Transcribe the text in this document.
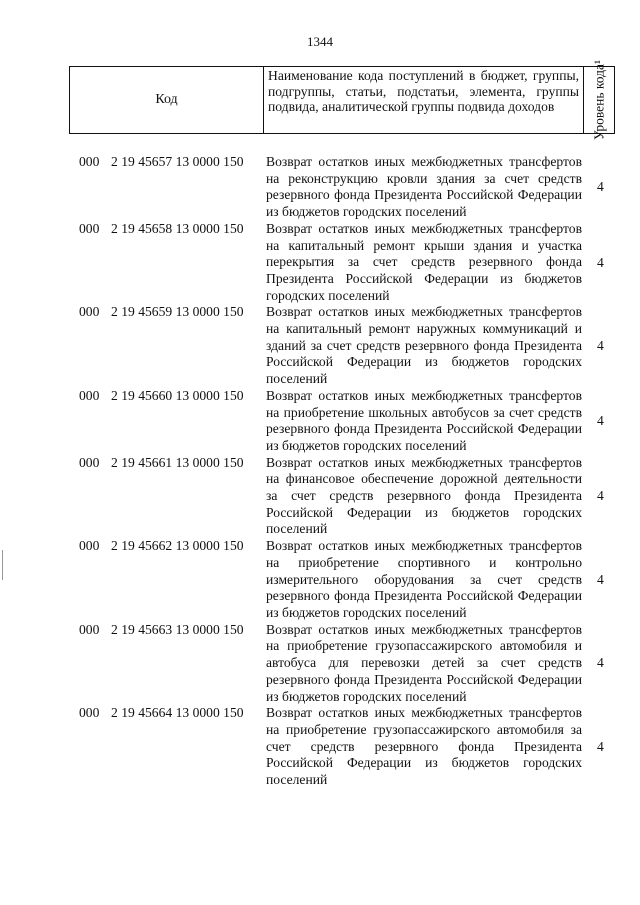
1344
Код
Наименование кода поступлений в бюджет, группы, подгруппы, статьи, подстатьи, элемента, группы подвида, аналитической группы подвида доходов	Уровень кода¹
000 2 19 45657 13 0000 150 Возврат остатков иных межбюджетных трансфертов на реконструкцию кровли здания за счет средств резервного фонда Президента Российской Федерации из бюджетов городских поселений
4
000 2 19 45658 13 0000 150 Возврат остатков иных межбюджетных трансфертов на капитальный ремонт крыши здания и участка перекрытия за счет средств резервного фонда Президента Российской Федерации из бюджетов городских поселений
4
000 2 19 45659 13 0000 150 Возврат остатков иных межбюджетных трансфертов на капитальный ремонт наружных коммуникаций и зданий за счет средств резервного фонда Президента Российской Федерации из бюджетов городских поселений
4
000 2 19 45660 13 0000 150 Возврат остатков иных межбюджетных трансфертов на приобретение школьных автобусов за счет средств резервного фонда Президента Российской Федерации из бюджетов городских поселений
4
000 2 19 45661 13 0000 150 Возврат остатков иных межбюджетных трансфертов на финансовое обеспечение дорожной деятельности за счет средств резервного фонда Президента Российской Федерации из бюджетов городских поселений
4
000 2 19 45662 13 0000 150 Возврат остатков иных межбюджетных трансфертов на приобретение спортивного и контрольно измерительного оборудования за счет средств резервного фонда Президента Российской Федерации из бюджетов городских поселений
4
000 2 19 45663 13 0000 150 Возврат остатков иных межбюджетных трансфертов на приобретение грузопассажирского автомобиля и автобуса для перевозки детей за счет средств резервного фонда Президента Российской Федерации из бюджетов городских поселений
4
000 2 19 45664 13 0000 150 Возврат остатков иных межбюджетных трансфертов на приобретение грузопассажирского автомобиля за счет средств резервного фонда Президента Российской Федерации из бюджетов городских поселений
4
